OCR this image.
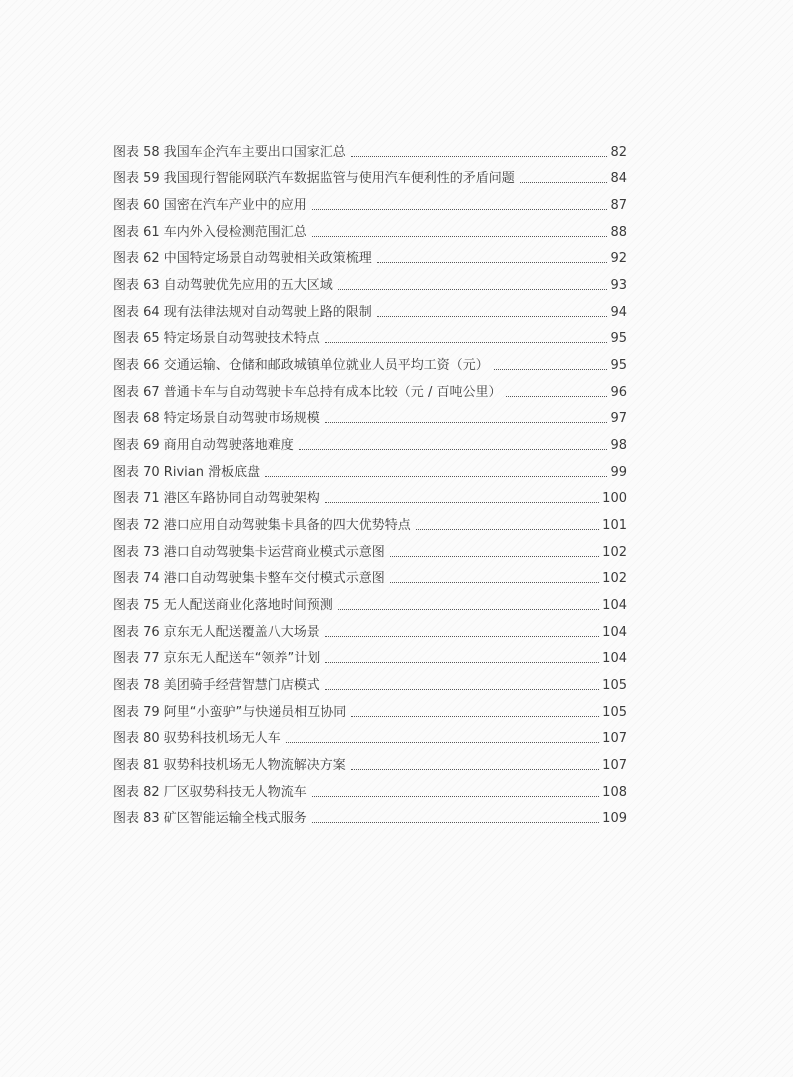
图表 58 我国车企汽车主要出口国家汇总	82
图表 59 我国现行智能网联汽车数据监管与使用汽车便利性的矛盾问题	84
图表 60 国密在汽车产业中的应用	87
图表 61 车内外入侵检测范围汇总	88
图表 62 中国特定场景自动驾驶相关政策梳理	92
图表 63 自动驾驶优先应用的五大区域	93
图表 64 现有法律法规对自动驾驶上路的限制	94
图表 65 特定场景自动驾驶技术特点	95
图表 66 交通运输、仓储和邮政城镇单位就业人员平均工资（元）	95
图表 67 普通卡车与自动驾驶卡车总持有成本比较（元 / 百吨公里）	96
图表 68 特定场景自动驾驶市场规模	97
图表 69 商用自动驾驶落地难度	98
图表 70 Rivian 滑板底盘	99
图表 71 港区车路协同自动驾驶架构	100
图表 72 港口应用自动驾驶集卡具备的四大优势特点	101
图表 73 港口自动驾驶集卡运营商业模式示意图	102
图表 74 港口自动驾驶集卡整车交付模式示意图	102
图表 75 无人配送商业化落地时间预测	104
图表 76 京东无人配送覆盖八大场景	104
图表 77 京东无人配送车“领养”计划	104
图表 78 美团骑手经营智慧门店模式	105
图表 79 阿里“小蛮驴”与快递员相互协同	105
图表 80 驭势科技机场无人车	107
图表 81 驭势科技机场无人物流解决方案	107
图表 82 厂区驭势科技无人物流车	108
图表 83 矿区智能运输全栈式服务	109
